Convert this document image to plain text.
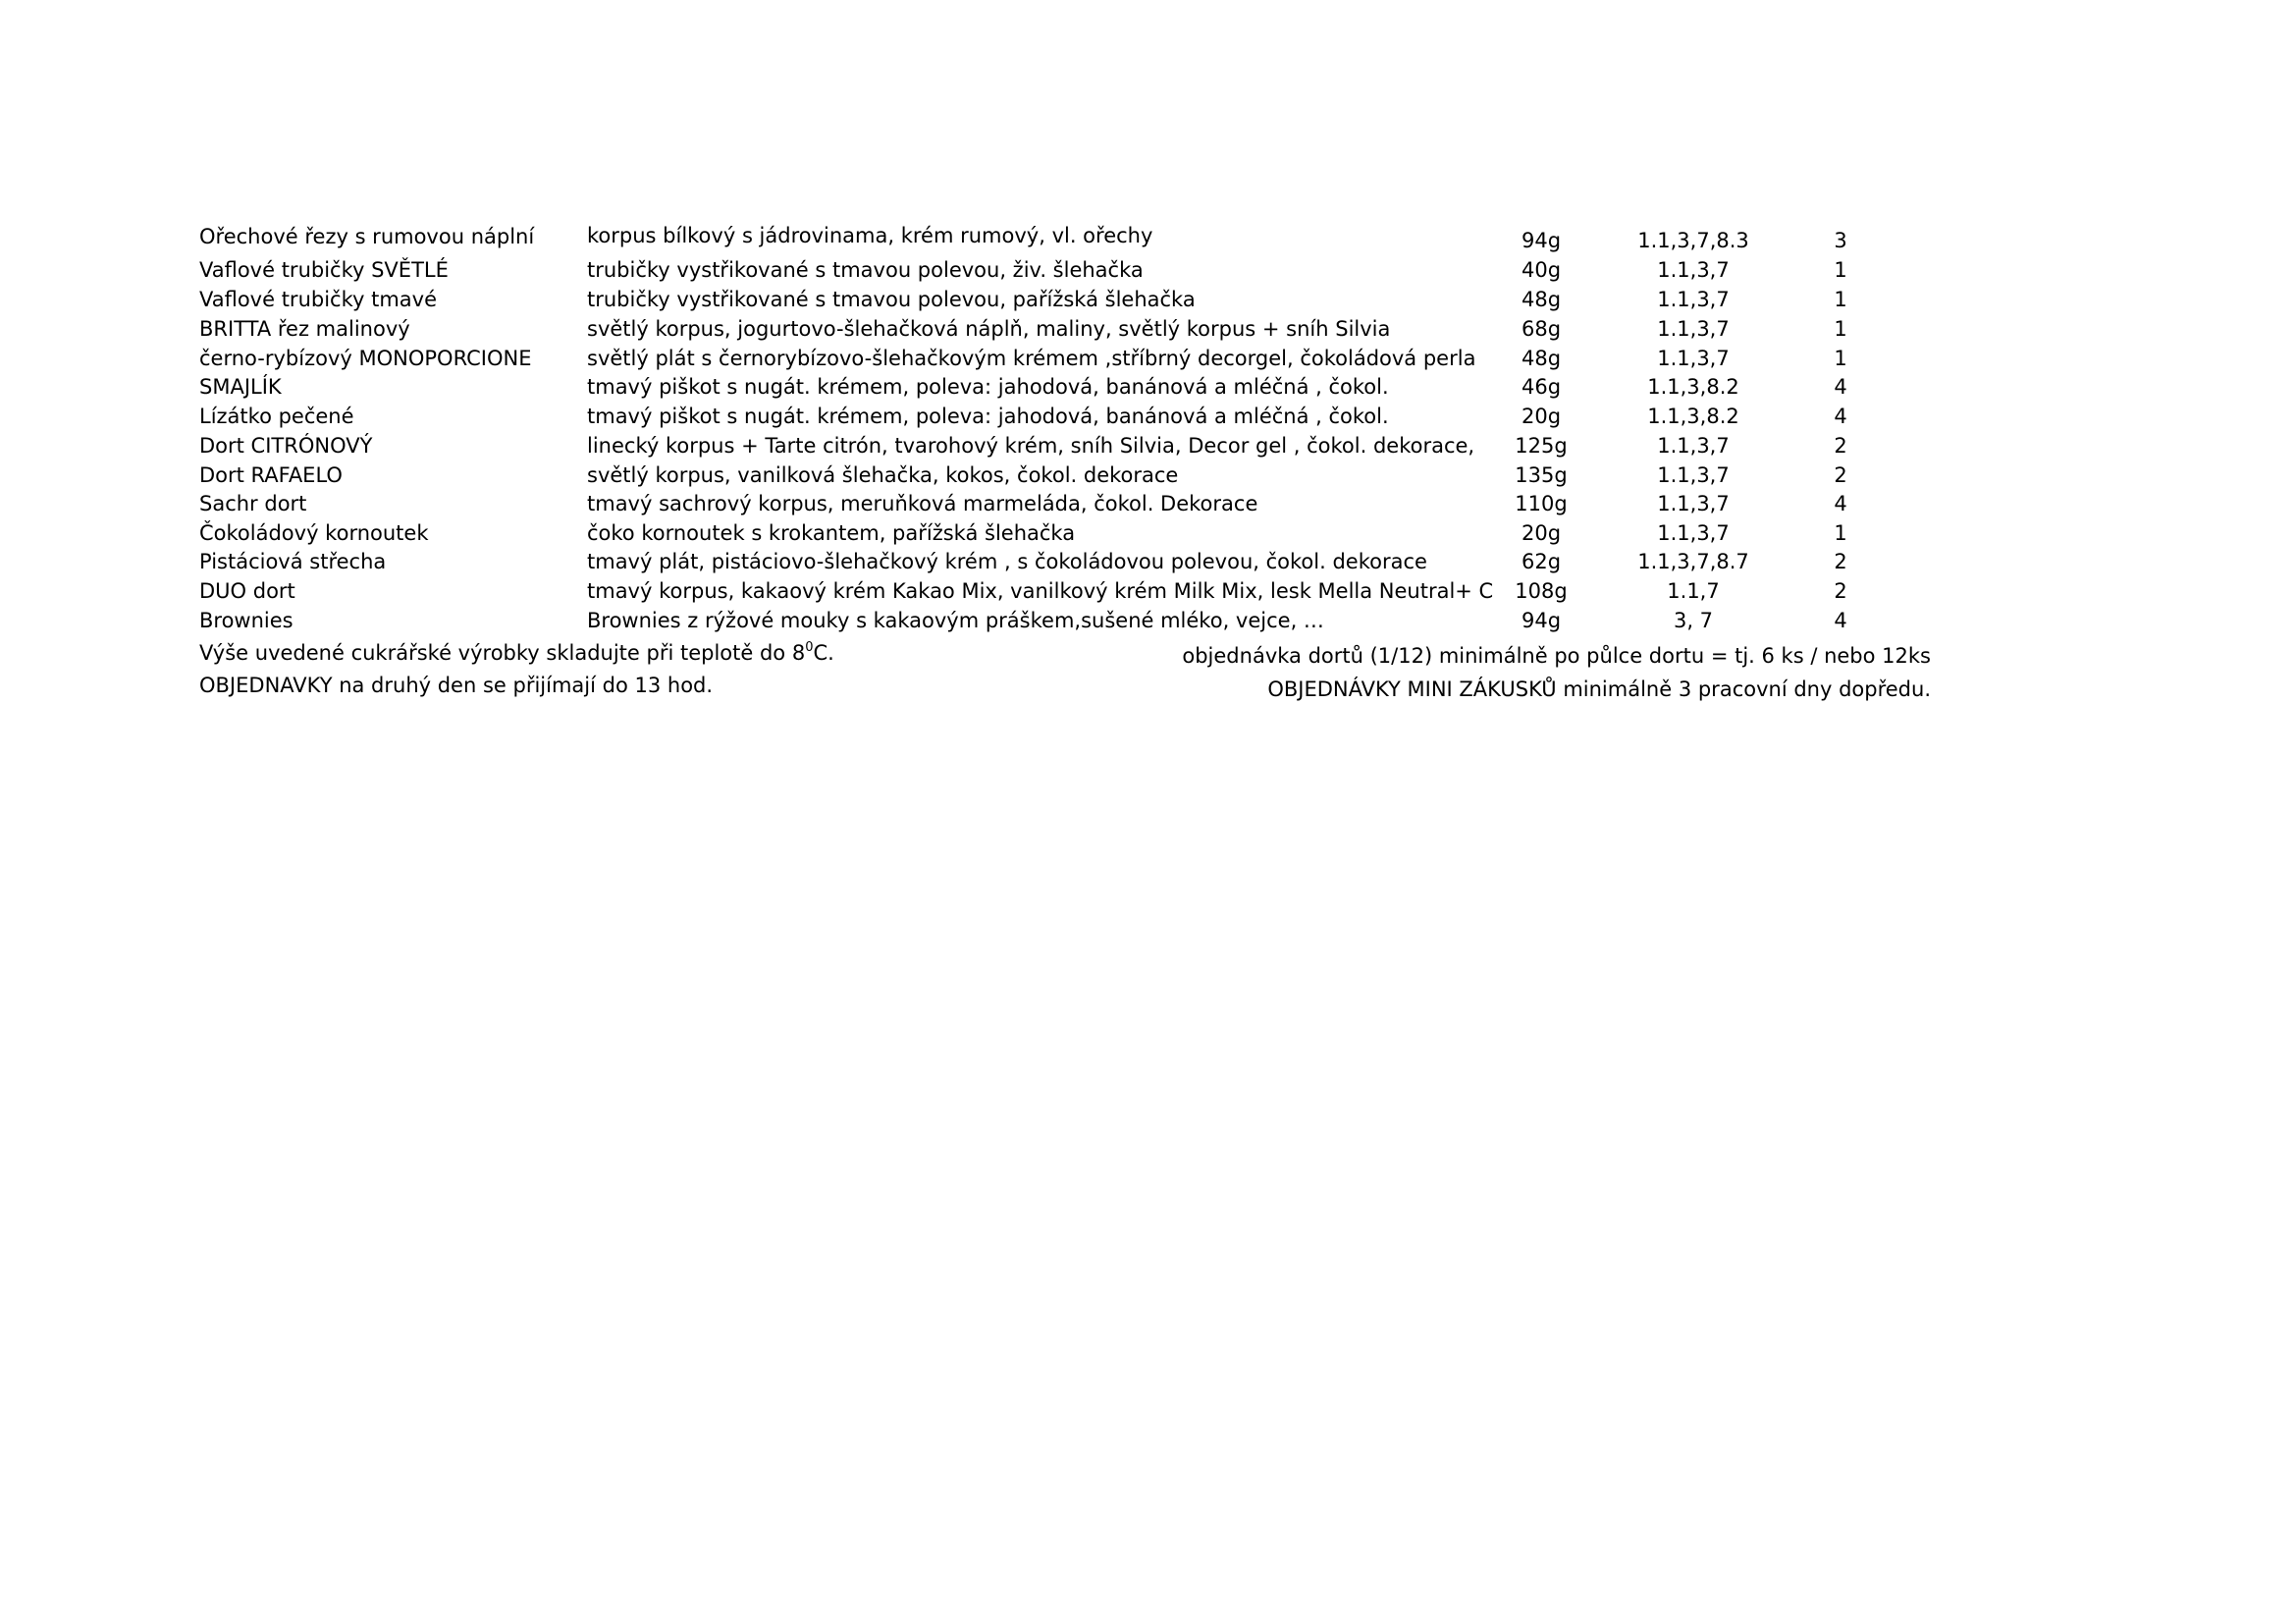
Ořechové řezy s rumovou náplní	korpus bílkový s jádrovinama, krém rumový, vl. ořechy	94g	1.1,3,7,8.3	3
Vaflové trubičky SVĚTLÉ	trubičky vystřikované s tmavou polevou, živ. šlehačka	40g	1.1,3,7	1
Vaflové trubičky tmavé	trubičky vystřikované s tmavou polevou, pařížská šlehačka	48g	1.1,3,7	1
BRITTA řez malinový	světlý korpus, jogurtovo-šlehačková náplň, maliny, světlý korpus + sníh Silvia	68g	1.1,3,7	1
černo-rybízový MONOPORCIONE	světlý plát s černorybízovo-šlehačkovým krémem ,stříbrný decorgel, čokoládová perla	48g	1.1,3,7	1
SMAJLÍK	tmavý piškot s nugát. krémem, poleva: jahodová, banánová a mléčná , čokol.	46g	1.1,3,8.2	4
Lízátko pečené	tmavý piškot s nugát. krémem, poleva: jahodová, banánová a mléčná , čokol.	20g	1.1,3,8.2	4
Dort CITRÓNOVÝ	linecký korpus + Tarte citrón, tvarohový krém, sníh Silvia, Decor gel , čokol. dekorace,	125g	1.1,3,7	2
Dort RAFAELO	světlý korpus, vanilková šlehačka, kokos, čokol. dekorace	135g	1.1,3,7	2
Sachr dort	tmavý sachrový korpus, meruňková marmeláda, čokol. Dekorace	110g	1.1,3,7	4
Čokoládový kornoutek	čoko kornoutek s krokantem, pařížská šlehačka	20g	1.1,3,7	1
Pistáciová střecha	tmavý plát, pistáciovo-šlehačkový krém , s čokoládovou polevou, čokol. dekorace	62g	1.1,3,7,8.7	2
DUO dort	tmavý korpus, kakaový krém Kakao Mix, vanilkový krém Milk Mix, lesk Mella Neutral+ C	108g	1.1,7	2
Brownies	Brownies z rýžové mouky s kakaovým práškem,sušené mléko, vejce, …	94g	3, 7	4
Výše uvedené cukrářské výrobky skladujte při teplotě do $8^0C$.
OBJEDNAVKY na druhý den se přijímají do 13 hod.
objednávka dortů (1/12) minimálně po půlce dortu = tj. 6 ks / nebo 12ks
OBJEDNÁVKY MINI ZÁKUSKŮ minimálně 3 pracovní dny dopředu.
